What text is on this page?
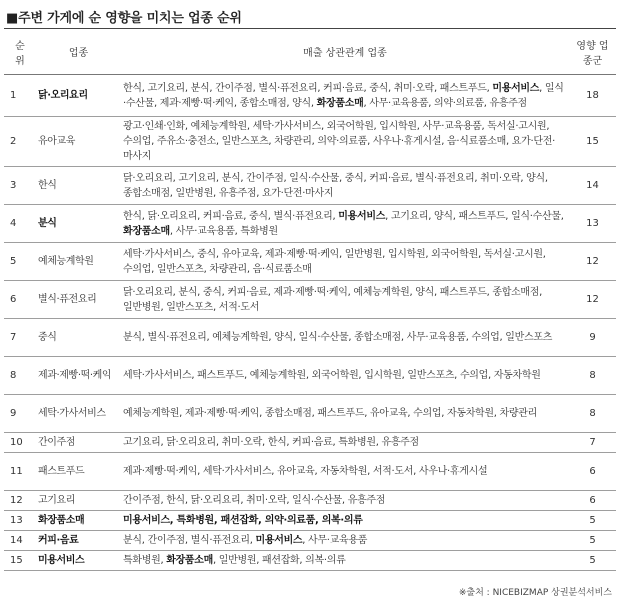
■주변 가게에 순 영향을 미치는 업종 순위
순위	업종	매출 상관관계 업종	영향 업종군
1	닭·오리요리	한식, 고기요리, 분식, 간이주점, 별식·퓨전요리, 커피·음료, 중식, 취미·오락, 패스트푸드, 미용서비스, 일식·수산물, 제과·제빵·떡·케익, 종합소매점, 양식, 화장품소매, 사무·교육용품, 의약·의료품, 유흥주점	18
2	유아교육	광고·인쇄·인화, 예체능계학원, 세탁·가사서비스, 외국어학원, 입시학원, 사무·교육용품, 독서실·고시원, 수의업, 주유소·충전소, 일반스포츠, 차량관리, 의약·의료품, 사우나·휴게시설, 음·식료품소매, 요가·단전·마사지	15
3	한식	닭·오리요리, 고기요리, 분식, 간이주점, 일식·수산물, 중식, 커피·음료, 별식·퓨전요리, 취미·오락, 양식, 종합소매점, 일반병원, 유흥주점, 요가·단전·마사지	14
4	분식	한식, 닭·오리요리, 커피·음료, 중식, 별식·퓨전요리, 미용서비스, 고기요리, 양식, 패스트푸드, 일식·수산물, 화장품소매, 사무·교육용품, 특화병원	13
5	예체능계학원	세탁·가사서비스, 중식, 유아교육, 제과·제빵·떡·케익, 일반병원, 입시학원, 외국어학원, 독서실·고시원, 수의업, 일반스포츠, 차량관리, 음·식료품소매	12
6	별식·퓨전요리	닭·오리요리, 분식, 중식, 커피·음료, 제과·제빵·떡·케익, 예체능계학원, 양식, 패스트푸드, 종합소매점, 일반병원, 일반스포츠, 서적·도서	12
7	중식	분식, 별식·퓨전요리, 예체능계학원, 양식, 일식·수산물, 종합소매점, 사무·교육용품, 수의업, 일반스포츠	9
8	제과·제빵·떡·케익	세탁·가사서비스, 패스트푸드, 예체능계학원, 외국어학원, 입시학원, 일반스포츠, 수의업, 자동차학원	8
9	세탁·가사서비스	예체능계학원, 제과·제빵·떡·케익, 종합소매점, 패스트푸드, 유아교육, 수의업, 자동차학원, 차량관리	8
10	간이주점	고기요리, 닭·오리요리, 취미·오락, 한식, 커피·음료, 특화병원, 유흥주점	7
11	패스트푸드	제과·제빵·떡·케익, 세탁·가사서비스, 유아교육, 자동차학원, 서적·도서, 사우나·휴게시설	6
12	고기요리	간이주점, 한식, 닭·오리요리, 취미·오락, 일식·수산물, 유흥주점	6
13	화장품소매	미용서비스, 특화병원, 패션잡화, 의약·의료품, 의복·의류	5
14	커피·음료	분식, 간이주점, 별식·퓨전요리, 미용서비스, 사무·교육용품	5
15	미용서비스	특화병원, 화장품소매, 일반병원, 패션잡화, 의복·의류	5
※출처 : NICEBIZMAP 상권분석서비스
